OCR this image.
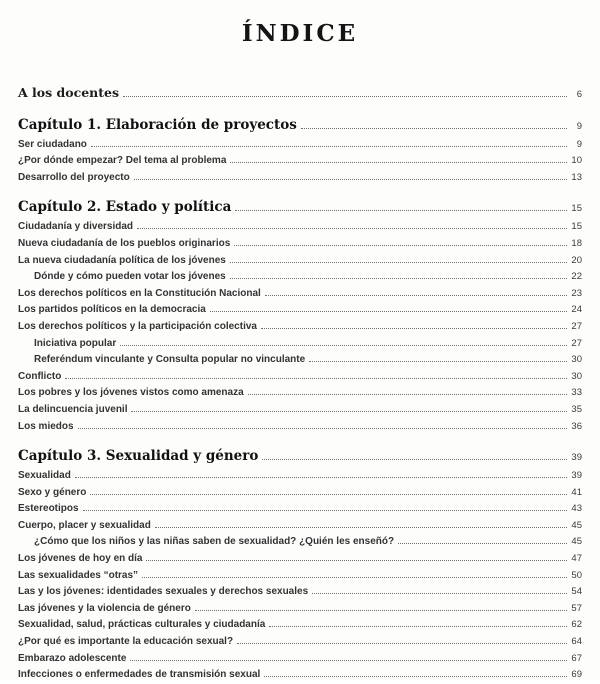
ÍNDICE
A los docentes	6
Capítulo 1. Elaboración de proyectos	9
Ser ciudadano	9
¿Por dónde empezar? Del tema al problema	10
Desarrollo del proyecto	13
Capítulo 2. Estado y política	15
Ciudadanía y diversidad	15
Nueva ciudadanía de los pueblos originarios	18
La nueva ciudadanía política de los jóvenes	20
Dónde y cómo pueden votar los jóvenes	22
Los derechos políticos en la Constitución Nacional	23
Los partidos políticos en la democracia	24
Los derechos políticos y la participación colectiva	27
Iniciativa popular	27
Referéndum vinculante y Consulta popular no vinculante	30
Conflicto	30
Los pobres y los jóvenes vistos como amenaza	33
La delincuencia juvenil	35
Los miedos	36
Capítulo 3. Sexualidad y género	39
Sexualidad	39
Sexo y género	41
Estereotipos	43
Cuerpo, placer y sexualidad	45
¿Cómo que los niños y las niñas saben de sexualidad? ¿Quién les enseñó?	45
Los jóvenes de hoy en día	47
Las sexualidades “otras”	50
Las y los jóvenes: identidades sexuales y derechos sexuales	54
Las jóvenes y la violencia de género	57
Sexualidad, salud, prácticas culturales y ciudadanía	62
¿Por qué es importante la educación sexual?	64
Embarazo adolescente	67
Infecciones o enfermedades de transmisión sexual	69
